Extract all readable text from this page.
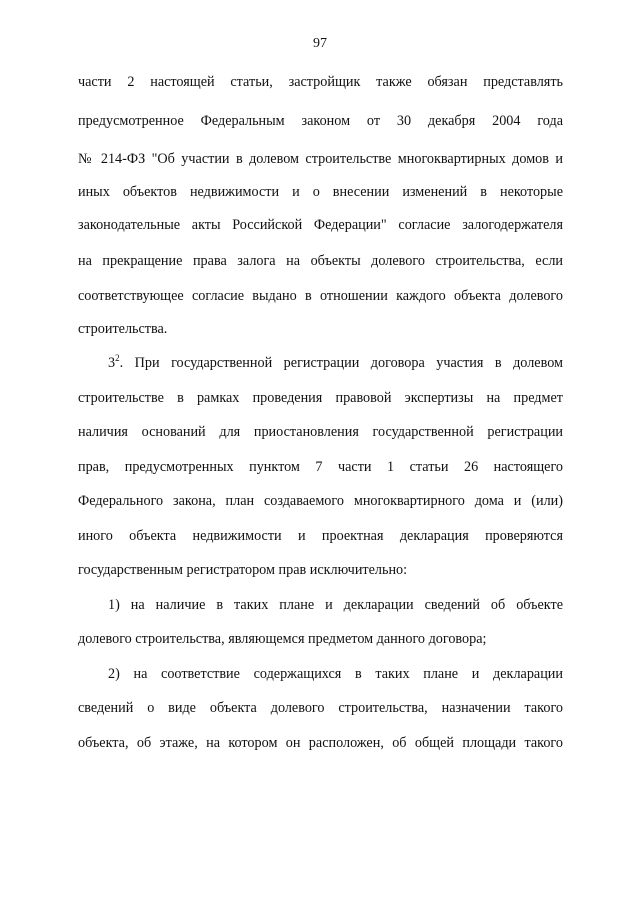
97
части 2 настоящей статьи, застройщик также обязан представлять
предусмотренное Федеральным законом от 30 декабря 2004 года
№ 214-ФЗ "Об участии в долевом строительстве многоквартирных домов и
иных объектов недвижимости и о внесении изменений в некоторые
законодательные акты Российской Федерации" согласие залогодержателя
на прекращение права залога на объекты долевого строительства, если
соответствующее согласие выдано в отношении каждого объекта долевого
строительства.
$3^2$. При государственной регистрации договора участия в долевом
строительстве в рамках проведения правовой экспертизы на предмет
наличия оснований для приостановления государственной регистрации
прав, предусмотренных пунктом 7 части 1 статьи 26 настоящего
Федерального закона, план создаваемого многоквартирного дома и (или)
иного объекта недвижимости и проектная декларация проверяются
государственным регистратором прав исключительно:
1) на наличие в таких плане и декларации сведений об объекте
долевого строительства, являющемся предметом данного договора;
2) на соответствие содержащихся в таких плане и декларации
сведений о виде объекта долевого строительства, назначении такого
объекта, об этаже, на котором он расположен, об общей площади такого
